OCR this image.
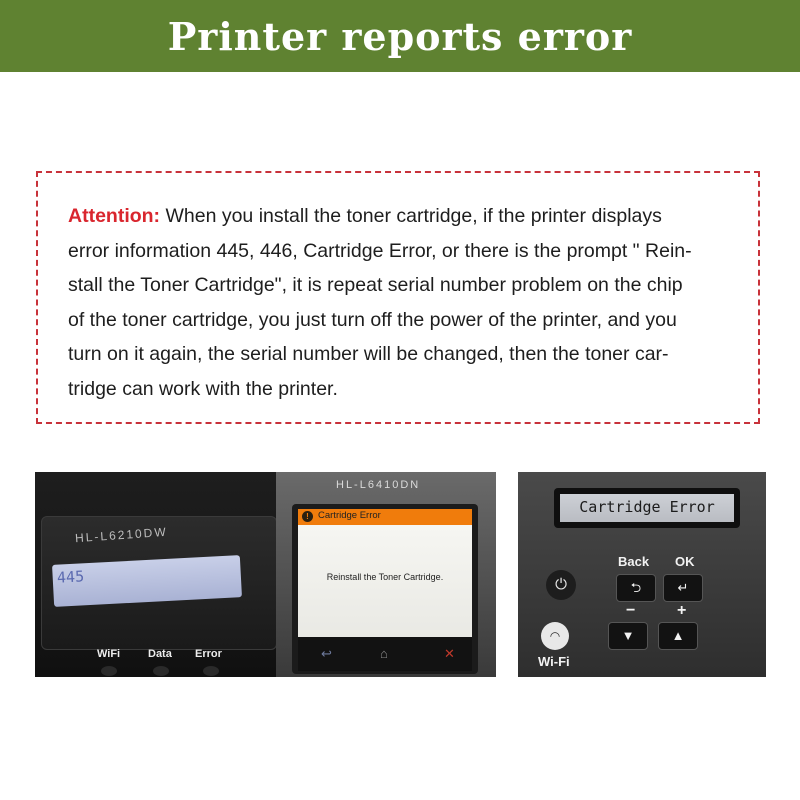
Printer reports error
Attention: When you install the toner cartridge, if the printer displays
error information 445, 446, Cartridge Error, or there is the prompt " Rein-
stall the Toner Cartridge", it is repeat serial number problem on the chip
of the toner cartridge, you just turn off the power of the printer, and you
turn on it again, the serial number will be changed, then the toner car-
tridge can work with the printer.
HL-L6210DW
445
WiFi	Data Error
HL-L6410DN
! Cartridge Error
Reinstall the Toner Cartridge.
↩	⌂	✕
Cartridge Error
⏻
◠
Wi-Fi
Back OK
⮌	↵
−	+
▼	▲
